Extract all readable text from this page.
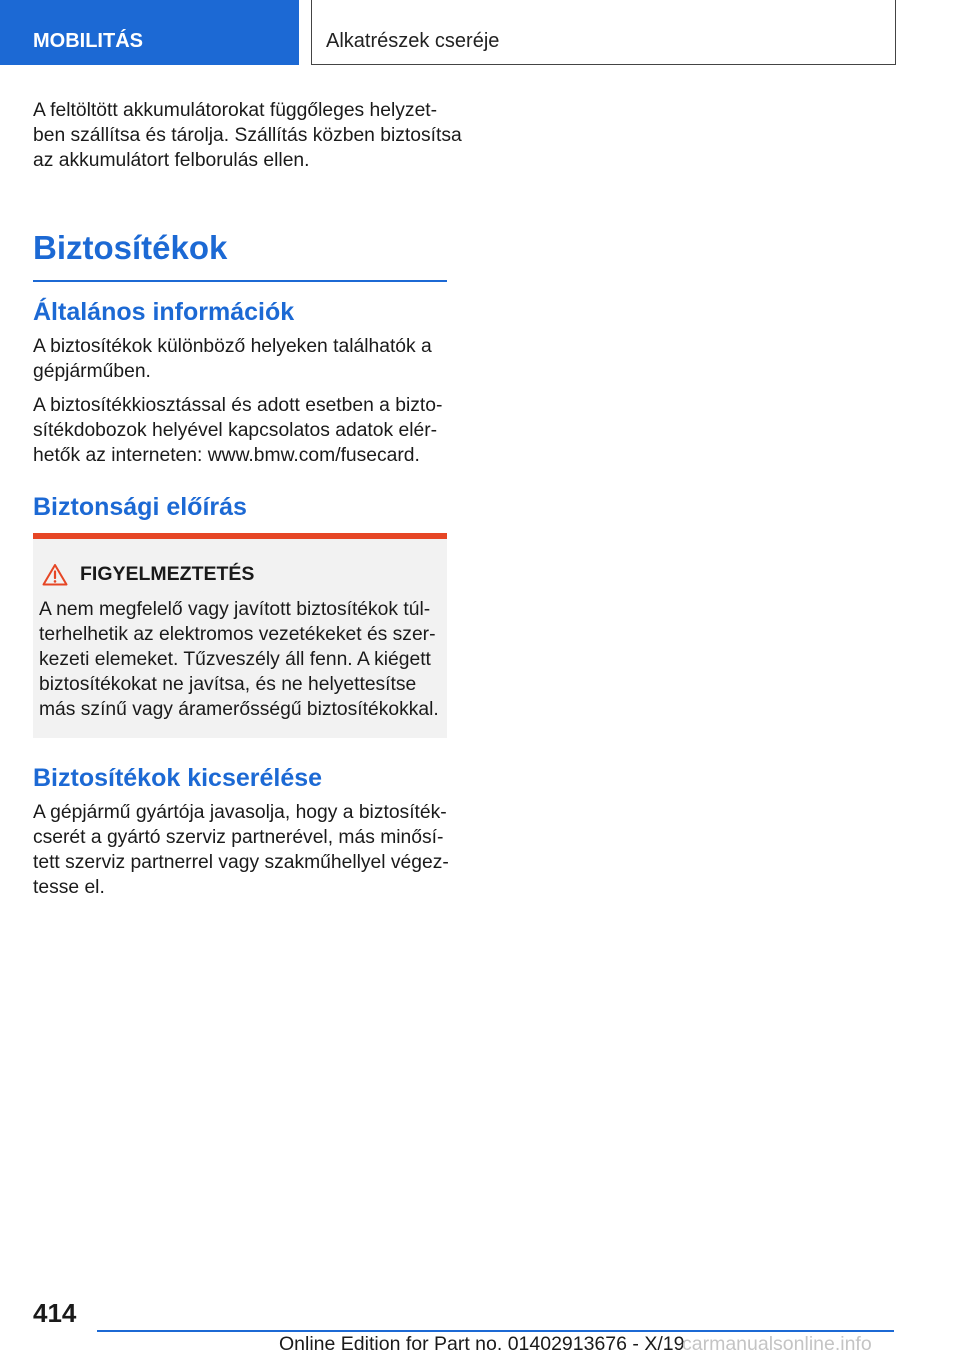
MOBILITÁS	Alkatrészek cseréje

A feltöltött akkumulátorokat függőleges helyzet‐
ben szállítsa és tárolja. Szállítás közben biztosítsa
az akkumulátort felborulás ellen.

Biztosítékok
Általános információk

A biztosítékok különböző helyeken találhatók a
gépjárműben.

A biztosítékkiosztással és adott esetben a bizto‐
sítékdobozok helyével kapcsolatos adatok elér‐
hetők az interneten: www.bmw.com/fusecard.

Biztonsági előírás
FIGYELMEZTETÉS
A nem megfelelő vagy javított biztosítékok túl‐
terhelhetik az elektromos vezetékeket és szer‐
kezeti elemeket. Tűzveszély áll fenn. A kiégett
biztosítékokat ne javítsa, és ne helyettesítse
más színű vagy áramerősségű biztosítékokkal.
Biztosítékok kicserélése

A gépjármű gyártója javasolja, hogy a biztosíték‐
cserét a gyártó szerviz partnerével, más minősí‐
tett szerviz partnerrel vagy szakműhellyel végez‐
tesse el.

414
Online Edition for Part no. 01402913676 - X/19
carmanualsonline.info
